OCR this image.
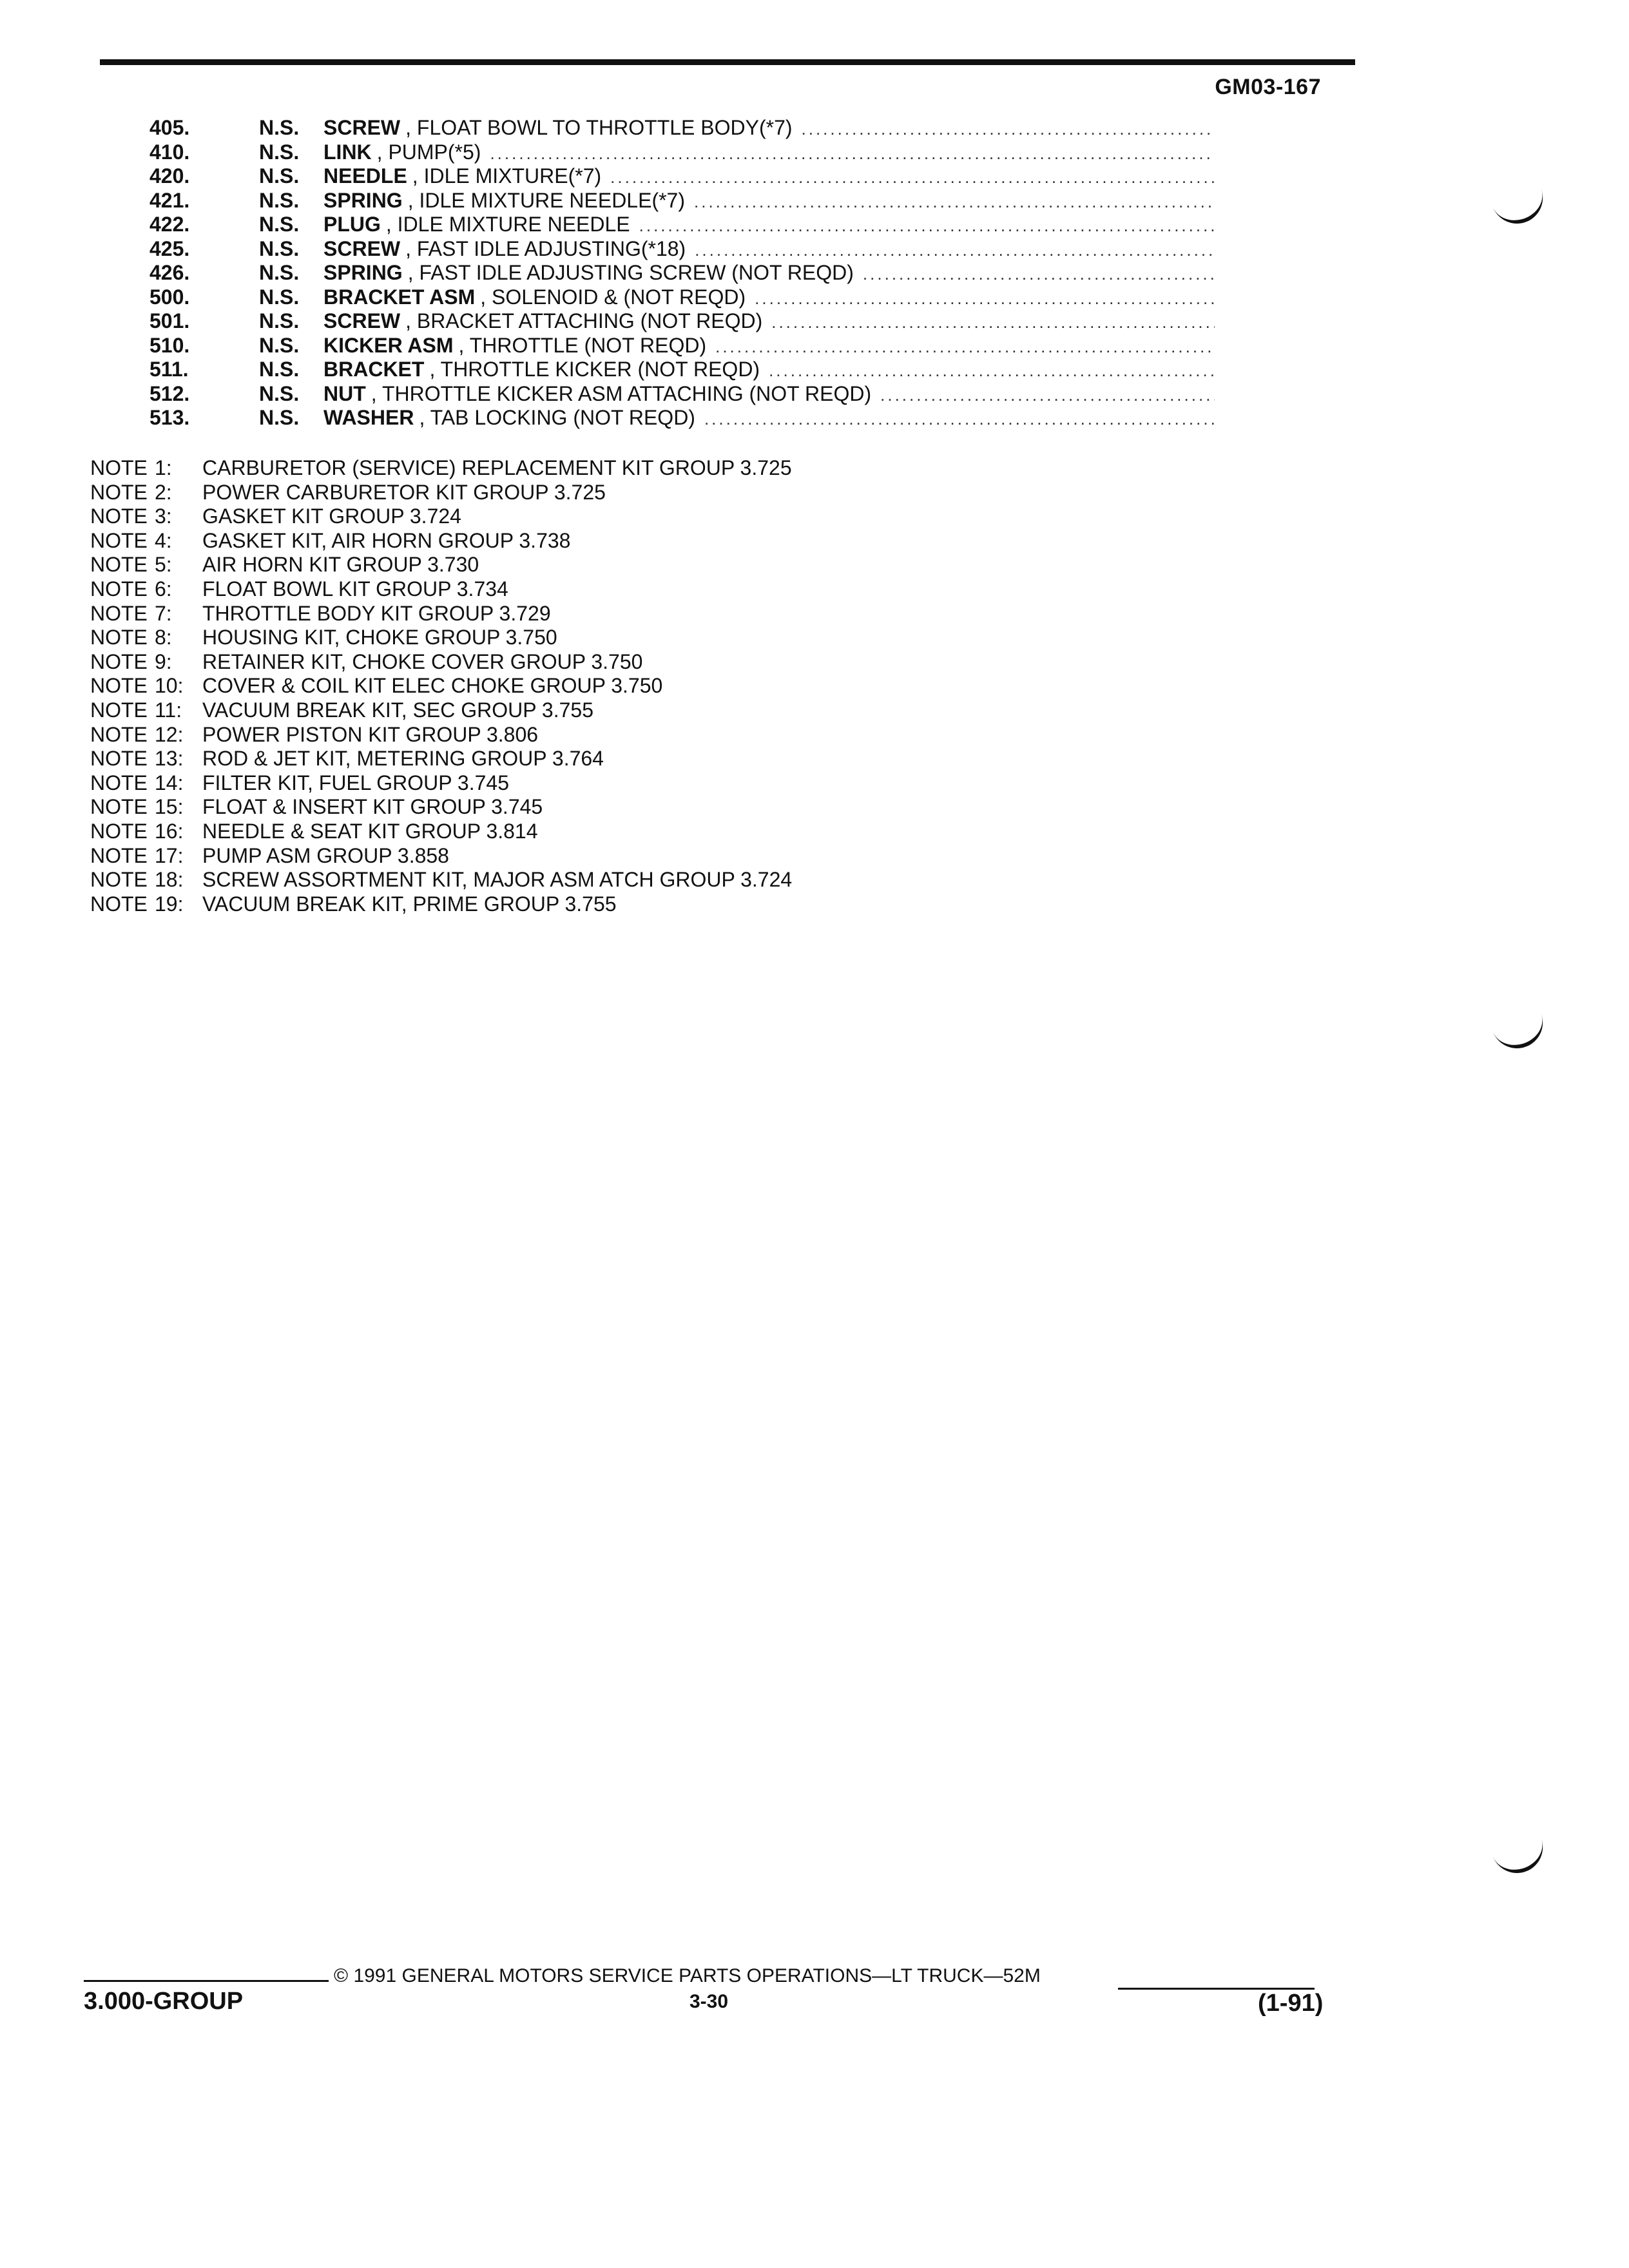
GM03-167
405.	N.S.	SCREW , FLOAT BOWL TO THROTTLE BODY(*7)
.....
410.	N.S.	LINK , PUMP(*5)
.....
420.	N.S.	NEEDLE , IDLE MIXTURE(*7)
.....
421.	N.S.	SPRING , IDLE MIXTURE NEEDLE(*7)
.....
422.	N.S.	PLUG , IDLE MIXTURE NEEDLE
.....
425.	N.S.	SCREW , FAST IDLE ADJUSTING(*18)
.....
426.	N.S.	SPRING , FAST IDLE ADJUSTING SCREW (NOT REQD)
.....
500.	N.S.	BRACKET ASM , SOLENOID & (NOT REQD)
.....
501.	N.S.	SCREW , BRACKET ATTACHING (NOT REQD)
.....
510.	N.S.	KICKER ASM , THROTTLE (NOT REQD)
.....
511.	N.S.	BRACKET , THROTTLE KICKER (NOT REQD)
.....
512.	N.S.	NUT , THROTTLE KICKER ASM ATTACHING (NOT REQD)
.....
513.	N.S.	WASHER , TAB LOCKING (NOT REQD)
.....
NOTE 1:	CARBURETOR (SERVICE) REPLACEMENT KIT GROUP 3.725
NOTE 2:	POWER CARBURETOR KIT GROUP 3.725
NOTE 3:	GASKET KIT GROUP 3.724
NOTE 4:	GASKET KIT, AIR HORN GROUP 3.738
NOTE 5:	AIR HORN KIT GROUP 3.730
NOTE 6:	FLOAT BOWL KIT GROUP 3.734
NOTE 7:	THROTTLE BODY KIT GROUP 3.729
NOTE 8:	HOUSING KIT, CHOKE GROUP 3.750
NOTE 9:	RETAINER KIT, CHOKE COVER GROUP 3.750
NOTE 10: COVER & COIL KIT ELEC CHOKE GROUP 3.750
NOTE 11: VACUUM BREAK KIT, SEC GROUP 3.755
NOTE 12: POWER PISTON KIT GROUP 3.806
NOTE 13: ROD & JET KIT, METERING GROUP 3.764
NOTE 14: FILTER KIT, FUEL GROUP 3.745
NOTE 15: FLOAT & INSERT KIT GROUP 3.745
NOTE 16: NEEDLE & SEAT KIT GROUP 3.814
NOTE 17: PUMP ASM GROUP 3.858
NOTE 18: SCREW ASSORTMENT KIT, MAJOR ASM ATCH GROUP 3.724
NOTE 19: VACUUM BREAK KIT, PRIME GROUP 3.755
© 1991 GENERAL MOTORS SERVICE PARTS OPERATIONS—LT TRUCK—52M
3.000-GROUP	3-30	(1-91)
